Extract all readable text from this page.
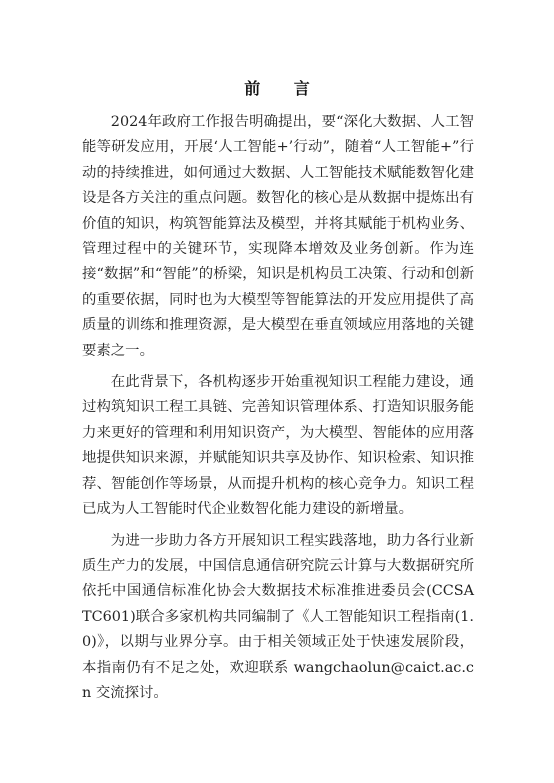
前 言

2024年政府工作报告明确提出，要“深化大数据、人工智能等研发应用，开展‘人工智能+’行动”，随着“人工智能+”行动的持续推进，如何通过大数据、人工智能技术赋能数智化建设是各方关注的重点问题。数智化的核心是从数据中提炼出有价值的知识，构筑智能算法及模型，并将其赋能于机构业务、管理过程中的关键环节，实现降本增效及业务创新。作为连接“数据”和“智能”的桥梁，知识是机构员工决策、行动和创新的重要依据，同时也为大模型等智能算法的开发应用提供了高质量的训练和推理资源，是大模型在垂直领域应用落地的关键要素之一。

在此背景下，各机构逐步开始重视知识工程能力建设，通过构筑知识工程工具链、完善知识管理体系、打造知识服务能力来更好的管理和利用知识资产，为大模型、智能体的应用落地提供知识来源，并赋能知识共享及协作、知识检索、知识推荐、智能创作等场景，从而提升机构的核心竞争力。知识工程已成为人工智能时代企业数智化能力建设的新增量。

为进一步助力各方开展知识工程实践落地，助力各行业新质生产力的发展，中国信息通信研究院云计算与大数据研究所依托中国通信标准化协会大数据技术标准推进委员会(CCSA TC601)联合多家机构共同编制了《人工智能知识工程指南(1.0)》，以期与业界分享。由于相关领域正处于快速发展阶段，本指南仍有不足之处，欢迎联系 wangchaolun@caict.ac.cn 交流探讨。
